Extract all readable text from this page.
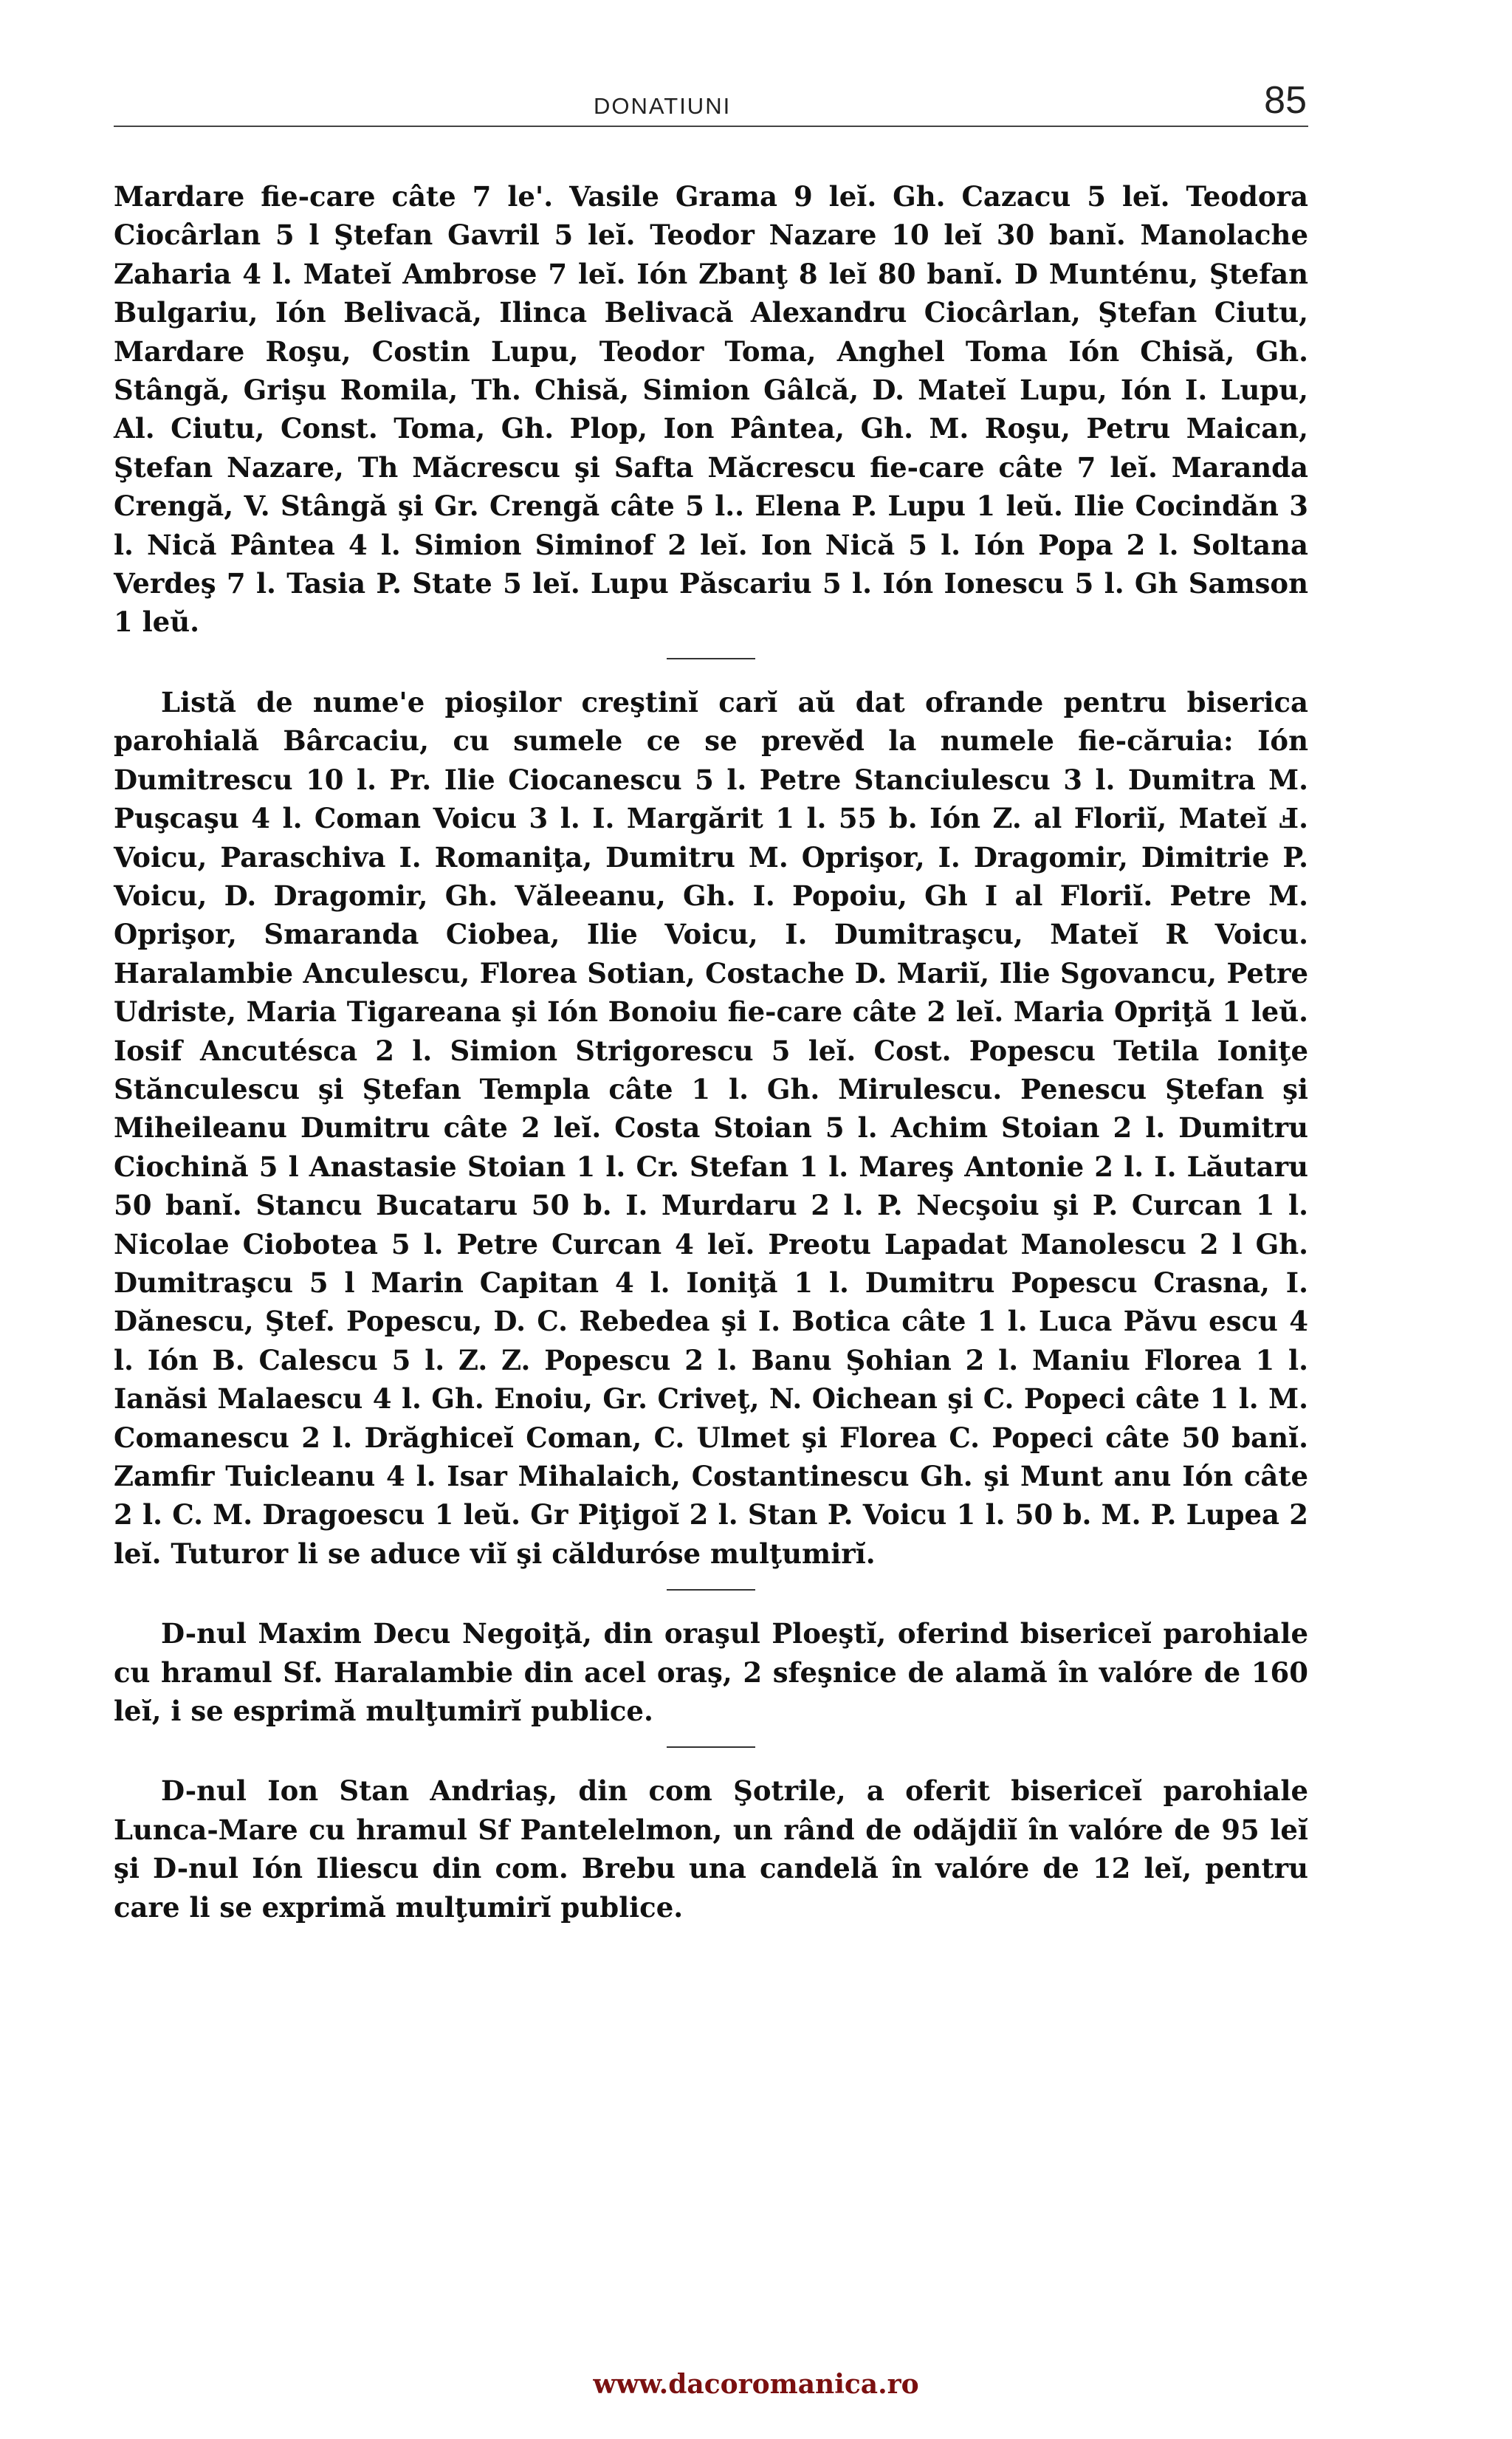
DONATIUNI	85

Mardare fie-care câte 7 le'. Vasile Grama 9 leĭ. Gh. Cazacu 5 leĭ. Teodora Ciocârlan 5 l Ştefan Gavril 5 leĭ. Teodor Nazare 10 leĭ 30 banĭ. Manolache Zaharia 4 l. Mateĭ Ambrose 7 leĭ. Ión Zbanţ 8 leĭ 80 banĭ. D Munténu, Ştefan Bulgariu, Ión Belivacă, Ilinca Belivacă Alexandru Ciocârlan, Ştefan Ciutu, Mardare Roşu, Costin Lupu, Teodor Toma, Anghel Toma Ión Chisă, Gh. Stângă, Grişu Romila, Th. Chisă, Simion Gâlcă, D. Mateĭ Lupu, Ión I. Lupu, Al. Ciutu, Const. Toma, Gh. Plop, Ion Pântea, Gh. M. Roşu, Petru Maican, Ştefan Nazare, Th Măcrescu şi Safta Măcrescu fie-care câte 7 leĭ. Maranda Crengă, V. Stângă şi Gr. Crengă câte 5 l.. Elena P. Lupu 1 leŭ. Ilie Cocindăn 3 l. Nică Pântea 4 l. Simion Siminof 2 leĭ. Ion Nică 5 l. Ión Popa 2 l. Soltana Verdeş 7 l. Tasia P. State 5 leĭ. Lupu Păscariu 5 l. Ión Ionescu 5 l. Gh Samson 1 leŭ.

Listă de nume'e pioşilor creştinĭ carĭ aŭ dat ofrande pentru biserica parohială Bârcaciu, cu sumele ce se prevĕd la numele fie-căruia: Ión Dumitrescu 10 l. Pr. Ilie Ciocanescu 5 l. Petre Stanciulescu 3 l. Dumitra M. Puşcaşu 4 l. Coman Voicu 3 l. I. Margărit 1 l. 55 b. Ión Z. al Floriĭ, Mateĭ Ⅎ. Voicu, Paraschiva I. Romaniţa, Dumitru M. Oprişor, I. Dragomir, Dimitrie P. Voicu, D. Dragomir, Gh. Văleeanu, Gh. I. Popoiu, Gh I al Floriĭ. Petre M. Oprişor, Smaranda Ciobea, Ilie Voicu, I. Dumitraşcu, Mateĭ R Voicu. Haralambie Anculescu, Florea Sotian, Costache D. Mariĭ, Ilie Sgovancu, Petre Udriste, Maria Tigareana şi Ión Bonoiu fie-care câte 2 leĭ. Maria Opriţă 1 leŭ. Iosif Ancutésca 2 l. Simion Strigorescu 5 leĭ. Cost. Popescu Tetila Ioniţe Stănculescu şi Ştefan Templa câte 1 l. Gh. Mirulescu. Penescu Ştefan şi Miheileanu Dumitru câte 2 leĭ. Costa Stoian 5 l. Achim Stoian 2 l. Dumitru Ciochină 5 l Anastasie Stoian 1 l. Cr. Stefan 1 l. Mareş Antonie 2 l. I. Lăutaru 50 banĭ. Stancu Bucataru 50 b. I. Murdaru 2 l. P. Necşoiu şi P. Curcan 1 l. Nicolae Ciobotea 5 l. Petre Curcan 4 leĭ. Preotu Lapadat Manolescu 2 l Gh. Dumitraşcu 5 l Marin Capitan 4 l. Ioniţă 1 l. Dumitru Popescu Crasna, I. Dănescu, Ştef. Popescu, D. C. Rebedea şi I. Botica câte 1 l. Luca Păvu escu 4 l. Ión B. Calescu 5 l. Z. Z. Popescu 2 l. Banu Şohian 2 l. Maniu Florea 1 l. Ianăsi Malaescu 4 l. Gh. Enoiu, Gr. Criveţ, N. Oichean şi C. Popeci câte 1 l. M. Comanescu 2 l. Drăghiceĭ Coman, C. Ulmet şi Florea C. Popeci câte 50 banĭ. Zamfir Tuicleanu 4 l. Isar Mihalaich, Costantinescu Gh. şi Munt anu Ión câte 2 l. C. M. Dragoescu 1 leŭ. Gr Piţigoĭ 2 l. Stan P. Voicu 1 l. 50 b. M. P. Lupea 2 leĭ. Tuturor li se aduce viĭ şi călduróse mulţumirĭ.

D-nul Maxim Decu Negoiţă, din oraşul Ploeştĭ, oferind bisericeĭ parohiale cu hramul Sf. Haralambie din acel oraş, 2 sfeşnice de alamă în valóre de 160 leĭ, i se esprimă mulţumirĭ publice.

D-nul Ion Stan Andriaş, din com Şotrile, a oferit bisericeĭ parohiale Lunca-Mare cu hramul Sf Pantelelmon, un rând de odăjdiĭ în valóre de 95 leĭ şi D-nul Ión Iliescu din com. Brebu una candelă în valóre de 12 leĭ, pentru care li se exprimă mulţumirĭ publice.

www.dacoromanica.ro
